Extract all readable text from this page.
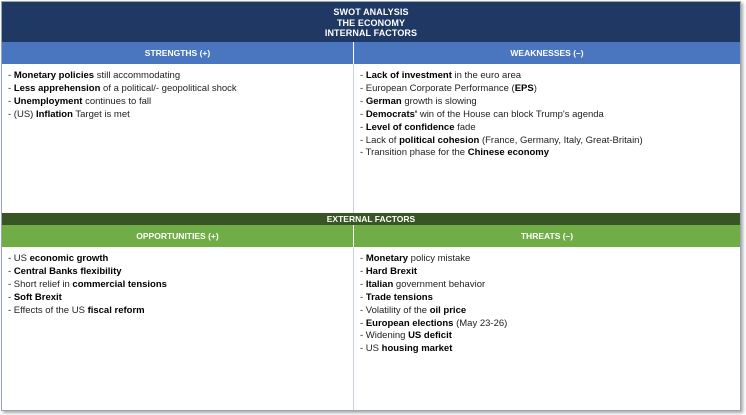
SWOT ANALYSIS
THE ECONOMY
INTERNAL FACTORS
STRENGTHS (+)	WEAKNESSES (–)
- Monetary policies still accommodating
- Less apprehension of a political/- geopolitical shock
- Unemployment continues to fall
- (US) Inflation Target is met
- Lack of investment in the euro area
- European Corporate Performance (EPS)
- German growth is slowing
- Democrats' win of the House can block Trump's agenda
- Level of confidence fade
- Lack of political cohesion (France, Germany, Italy, Great-Britain)
- Transition phase for the Chinese economy
EXTERNAL FACTORS
OPPORTUNITIES (+)	THREATS (–)
- US economic growth
- Central Banks flexibility
- Short relief in commercial tensions
- Soft Brexit
- Effects of the US fiscal reform
- Monetary policy mistake
- Hard Brexit
- Italian government behavior
- Trade tensions
- Volatility of the oil price
- European elections (May 23-26)
- Widening US deficit
- US housing market
